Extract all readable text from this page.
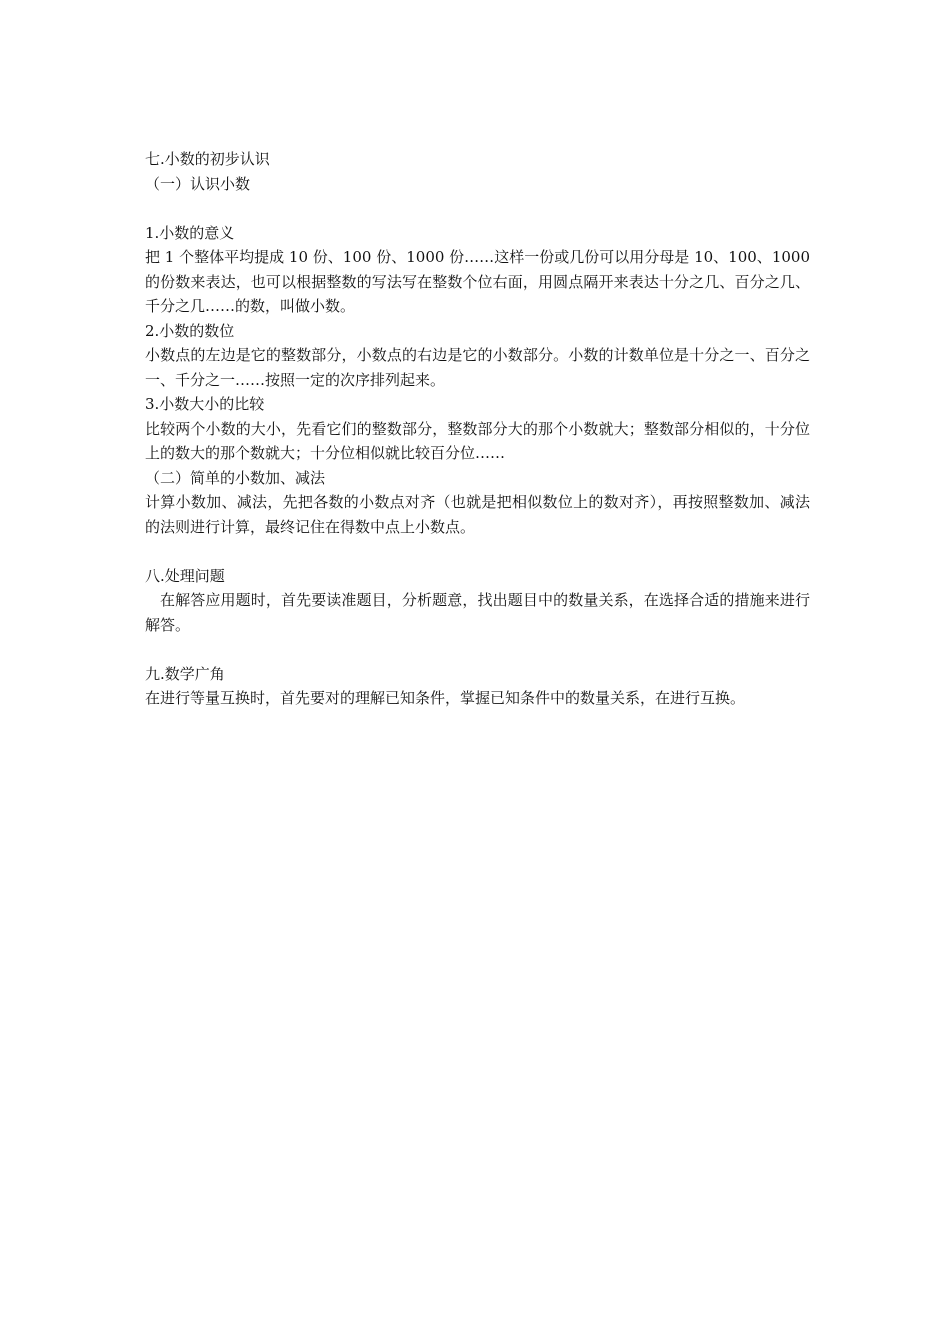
七.小数的初步认识
（一）认识小数
1.小数的意义
把 1 个整体平均提成 10 份、100 份、1000 份……这样一份或几份可以用分母是 10、100、1000 的份数来表达，也可以根据整数的写法写在整数个位右面，用圆点隔开来表达十分之几、百分之几、千分之几……的数，叫做小数。
2.小数的数位
小数点的左边是它的整数部分，小数点的右边是它的小数部分。小数的计数单位是十分之一、百分之一、千分之一……按照一定的次序排列起来。
3.小数大小的比较
比较两个小数的大小，先看它们的整数部分，整数部分大的那个小数就大；整数部分相似的，十分位上的数大的那个数就大；十分位相似就比较百分位……
（二）简单的小数加、减法
计算小数加、减法，先把各数的小数点对齐（也就是把相似数位上的数对齐），再按照整数加、减法的法则进行计算，最终记住在得数中点上小数点。
八.处理问题
在解答应用题时，首先要读准题目，分析题意，找出题目中的数量关系，在选择合适的措施来进行解答。
九.数学广角
在进行等量互换时，首先要对的理解已知条件，掌握已知条件中的数量关系，在进行互换。
